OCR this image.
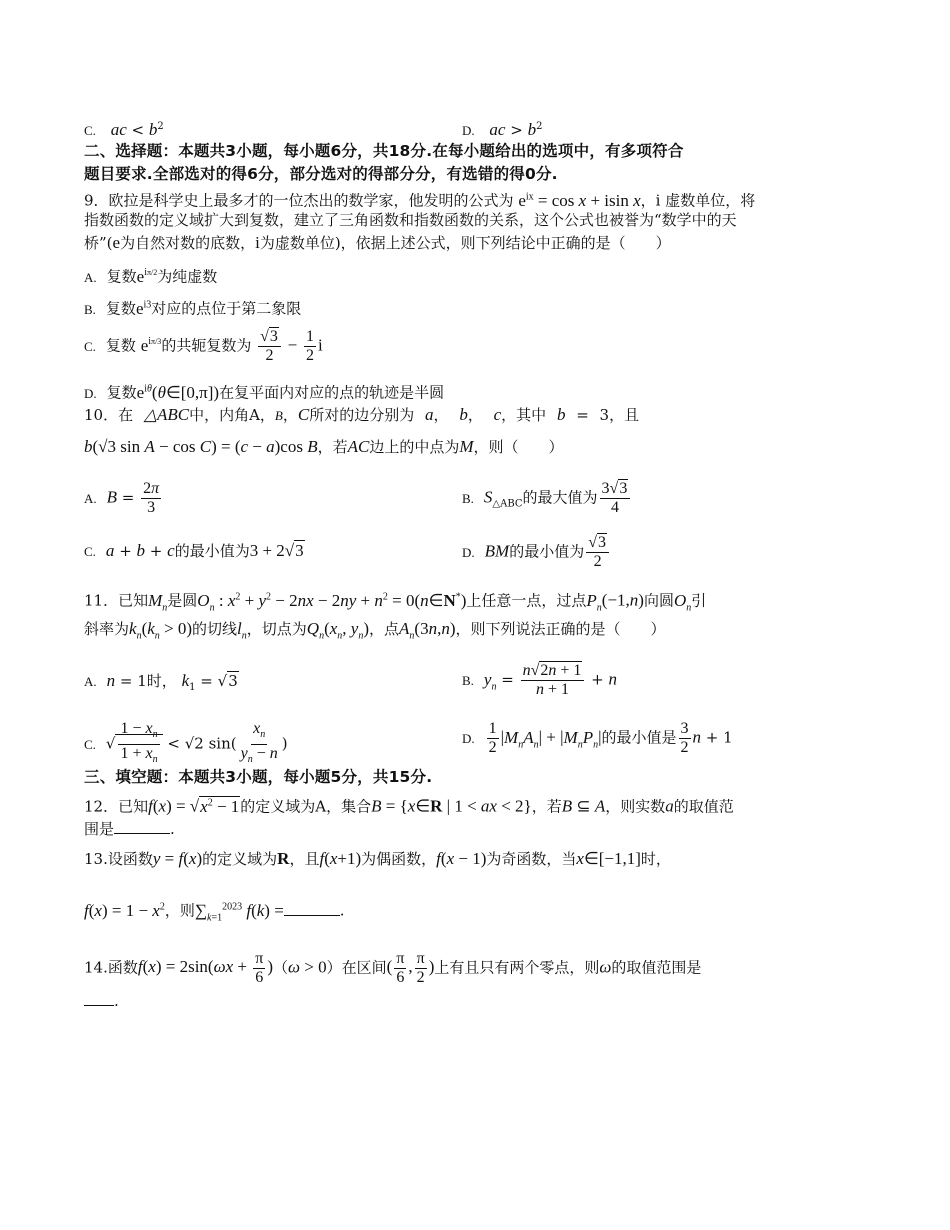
C. ac < $b^2$	D. ac > $b^2$
二、选择题：本题共3小题，每小题6分，共18分.在每小题给出的选项中，有多项符合
题目要求.全部选对的得6分，部分选对的得部分分，有选错的得0分.
9．欧拉是科学史上最多才的一位杰出的数学家，他发明的公式为 $e^{ix} = \cos x + isin$ x，i 虚数单位，将
指数函数的定义域扩大到复数，建立了三角函数和指数函数的关系，这个公式也被誉为“数学中的天
桥”(e为自然对数的底数，i为虚数单位)，依据上述公式，则下列结论中正确的是（　　）
A. 复数$e^{i\pi/2}$为纯虚数
B. 复数$e^{i3}$对应的点位于第二象限
C. 复数 $e^{i\pi/3}$的共轭复数为 $\frac{√3}{2} - \frac{1}{2}$ i
D. 复数$e^{i\theta}(\theta\in[0,\pi])$在复平面内对应的点的轨迹是半圆
10．在 △ABC中，内角A，B，C所对的边分别为 a， b， c，其中 b = 3，且
b(√3 sin A − cos C) = (c − a)cos B，若AC边上的中点为M，则（　　）
A. $B = \frac{2\pi}{3}$	B. $S_{\triangle ABC}$的最大值为 $\frac{3√3}{4}$
C. a + b + c的最小值为3 + 2√3	D. BM的最小值为 $\frac{√3}{2}$
11．已知$M_n$是圆$O_n$ : $x^2 + y^2 - 2nx - 2ny + n^2$ = 0(n∈N*)上任意一点，过点$P_n(-1,n)$向圆$O_n$引
斜率为$k_n(k_n > 0)$的切线$l_n$，切点为$Q_n(x_n$, $y_n$)，点$A_n(3n,n)$，则下列说法正确的是（　　）
A. n = 1时， $k_1 = √3$	B. $y_n = \frac{n√2n + 1}{n + 1} + n$
C. √ $\frac{1 - x_n}{1 + x_n} < √2$ $\sin( \frac{x_n}{y_n - n}$ )	D. $\frac{1}{2} |M_nA_n| + |M_nP_n|$的最小值是 $\frac{3}{2}$ n + 1
三、填空题：本题共3小题，每小题5分，共15分.
12．已知$f(x) = √x^2 - 1$的定义域为A，集合B = {x∈R | 1 < ax < 2}，若B ⊆ A，则实数a的取值范
围是	.
13.设函数y = f(x)的定义域为R，且f(x+1)为偶函数，f(x − 1)为奇函数，当x∈[−1,1]时，
$f(x) = 1 - x^2$，则$\sum_{k=1}^{2023}$ f(k) =	.
14.函数$f(x) = 2\sin(\omega x + \frac{\pi}{6} )(\omega > 0)$在区间( $\frac{\pi}{6}$ , $\frac{\pi}{2}$ )上有且只有两个零点，则ω的取值范围是
.
